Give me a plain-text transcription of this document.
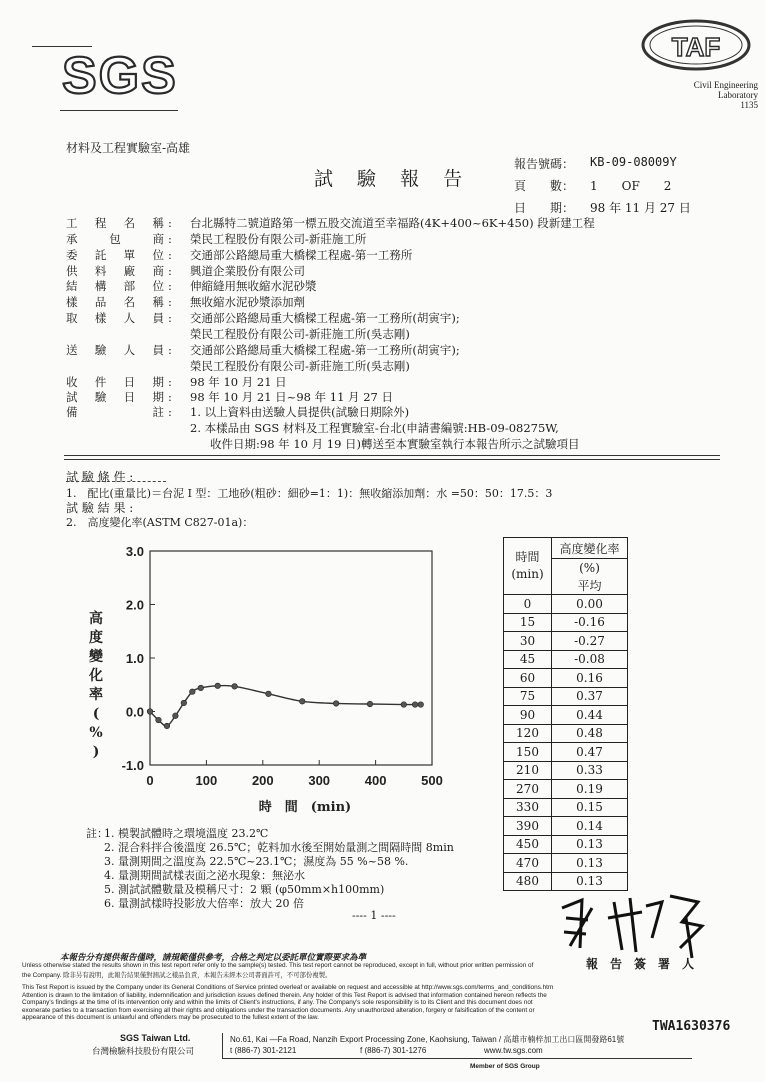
SGS	TAF
Civil Engineering
Laboratory
1135
材料及工程實驗室-高雄
試 驗 報 告
報告號碼： KB-09-08009Y
頁　　數： 1　　OF　　2
日　　期： 98 年 11 月 27 日
工程名稱 : 台北縣特二號道路第一標五股交流道至幸福路(4K+400~6K+450) 段新建工程
承包商 : 榮民工程股份有限公司-新莊施工所
委託單位 : 交通部公路總局重大橋樑工程處-第一工務所
供料廠商 : 興道企業股份有限公司
結構部位 : 伸縮縫用無收縮水泥砂漿
樣品名稱 : 無收縮水泥砂漿添加劑
取樣人員 : 交通部公路總局重大橋樑工程處-第一工務所(胡寅宇);
榮民工程股份有限公司-新莊施工所(吳志剛)
送驗人員 : 交通部公路總局重大橋樑工程處-第一工務所(胡寅宇);
榮民工程股份有限公司-新莊施工所(吳志剛)
收件日期 : 98 年 10 月 21 日
試驗日期 : 98 年 10 月 21 日~98 年 11 月 27 日
備　　註 : 1. 以上資料由送驗人員提供(試驗日期除外)
2. 本樣品由 SGS 材料及工程實驗室-台北(申請書編號:HB-09-08275W,
收件日期:98 年 10 月 19 日)轉送至本實驗室執行本報告所示之試驗項目
試 驗 條 件 :
1.　配比(重量比)＝台泥 I 型：工地砂(粗砂：細砂=1：1)：無收縮添加劑：水 =50：50：17.5：3
試 驗 結 果 :
2.　高度變化率(ASTM C827-01a)：
0	100	200	300	400	500
3.0
2.0
1.0
0.0
-1.0
時　間　(min)
高
度
變
化
率
(
%
)
時間
(min)	高度變化率
	(%)
	平均
0	0.00
15	-0.16
30	-0.27
45	-0.08
60	0.16
75	0.37
90	0.44
120	0.48
150	0.47
210	0.33
270	0.19
330	0.15
390	0.14
450	0.13
470	0.13
480	0.13
註：
1. 模製試體時之環境溫度 23.2℃
2. 混合料拌合後溫度 26.5℃；乾料加水後至開始量測之間隔時間 8min
3. 量測期間之溫度為 22.5℃~23.1℃；濕度為 55 %~58 %.
4. 量測期間試樣表面之泌水現象：無泌水
5. 測試試體數量及模稱尺寸：2 顆 (φ50mm×h100mm)
6. 量測試樣時投影放大倍率：放大 20 倍
---- 1 ----
報　告　簽　署　人
本報告分有提供報告僅時，請規範僅供參考，合格之判定以委託單位實際要求為準
Unless otherwise stated the results shown in this test report refer only to the sample(s) tested. This test report cannot be reproduced, except in full, without prior written permission of
the Company. 除非另有說明，此報告結果僅對測試之樣品負責，本報告未經本公司書面許可，不可部份複製。
This Test Report is issued by the Company under its General Conditions of Service printed overleaf or available on request and accessible at http://www.sgs.com/terms_and_conditions.htm
Attention is drawn to the limitation of liability, indemnification and jurisdiction issues defined therein. Any holder of this Test Report is advised that information contained hereon reflects the
Company's findings at the time of its intervention only and within the limits of Client's instructions, if any. The Company's sole responsibility is to its Client and this document does not
exonerate parties to a transaction from exercising all their rights and obligations under the transaction documents. Any unauthorized alteration, forgery or falsification of the content or
appearance of this document is unlawful and offenders may be prosecuted to the fullest extent of the law.
TWA1630376
SGS Taiwan Ltd.
台灣檢驗科技股份有限公司
No.61, Kai —Fa Road, Nanzih Export Processing Zone, Kaohsiung, Taiwan / 高雄市楠梓加工出口區開發路61號
t (886-7) 301-2121	f (886-7) 301-1276	www.tw.sgs.com
Member of SGS Group
